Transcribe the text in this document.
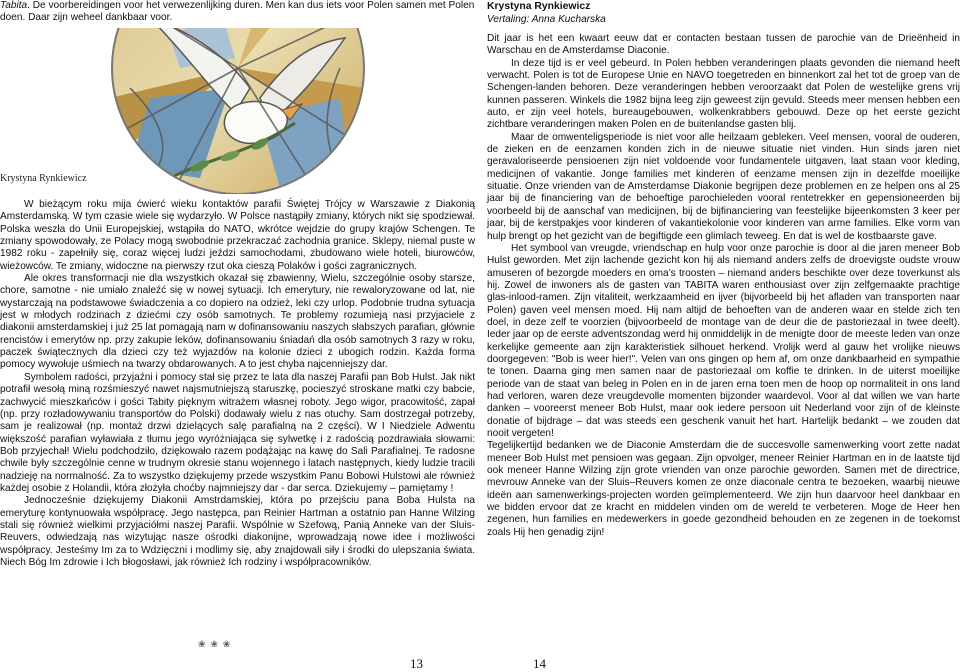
Tabita. De voorbereidingen voor het verwezenlijking duren. Men kan dus iets voor Polen samen met Polen doen. Daar zijn weheel dankbaar voor.
Krystyna Rynkiewicz

W bieżącym roku mija ćwierć wieku kontaktów parafii Świętej Trójcy w Warszawie z Diakonią Amsterdamską. W tym czasie wiele się wydarzyło. W Polsce nastąpiły zmiany, których nikt się spodziewał. Polska weszła do Unii Europejskiej, wstąpiła do NATO, wkrótce wejdzie do grupy krajów Schengen. Te zmiany spowodowały, ze Polacy mogą swobodnie przekraczać zachodnia granice. Sklepy, niemal puste w 1982 roku - zapełniły się, coraz więcej ludzi jeździ samochodami, zbudowano wiele hoteli, biurowców, wieżowców. Te zmiany, widoczne na pierwszy rzut oka cieszą Polaków i gości zagranicznych.

Ale okres transformacji nie dla wszystkich okazał się zbawienny, Wielu, szczególnie osoby starsze, chore, samotne - nie umiało znaleźć się w nowej sytuacji. Ich emerytury, nie rewaloryzowane od lat, nie wystarczają na podstawowe świadczenia a co dopiero na odzież, leki czy urlop. Podobnie trudna sytuacja jest w młodych rodzinach z dziećmi czy osób samotnych. Te problemy rozumieją nasi przyjaciele z diakonii amsterdamskiej i już 25 lat pomagają nam w dofinansowaniu naszych słabszych parafian, głównie rencistów i emerytów np. przy zakupie leków, dofinansowaniu śniadań dla osób samotnych 3 razy w roku, paczek świątecznych dla dzieci czy też wyjazdów na kolonie dzieci z ubogich rodzin. Każda forma pomocy wywołuje uśmiech na twarzy obdarowanych. A to jest chyba najcenniejszy dar.

Symbolem radości, przyjaźni i pomocy stał się przez te lata dla naszej Parafii pan Bob Hulst. Jak nikt potrafił wesołą miną rozśmieszyć nawet najsmutniejszą staruszkę, pocieszyć stroskane matki czy babcie, zachwycić mieszkańców i gości Tabity pięknym witrażem własnej roboty. Jego wigor, pracowitość, zapał (np. przy rozładowywaniu transportów do Polski) dodawały wielu z nas otuchy. Sam dostrzegał potrzeby, sam je realizował (np. montaż drzwi dzielących salę parafialną na 2 części). W I Niedziele Adwentu większość parafian wyławiała z tłumu jego wyróżniająca się sylwetkę i z radością pozdrawiała słowami: Bob przyjechał! Wielu podchodziło, dziękowało razem podążając na kawę do Sali Parafialnej. Te radosne chwile były szczególnie cenne w trudnym okresie stanu wojennego i latach następnych, kiedy ludzie tracili nadzieję na normalność. Za to wszystko dziękujemy przede wszystkim Panu Bobowi Hulstowi ale również każdej osobie z Holandii, która złożyła choćby najmniejszy dar - dar serca. Dziekujemy – pamiętamy !

Jednocześnie dziękujemy Diakonii Amstrdamskiej, która po przejściu pana Boba Hulsta na emeryturę kontynuowała współpracę. Jego następca, pan Reinier Hartman a ostatnio pan Hanne Wilzing stali się również wielkimi przyjaciółmi naszej Parafii. Wspólnie w Szefową, Panią Anneke van der Sluis-Reuvers, odwiedzają nas wizytując nasze ośrodki diakonijne, wprowadzają nowe idee i możliwości współpracy. Jesteśmy Im za to Wdzięczni i modlimy się, aby znajdowali siły i środki do ulepszania świata. Niech Bóg Im zdrowie i Ich błogosławi, jak również Ich rodziny i współpracowników.

Krystyna Rynkiewicz
Vertaling: Anna Kucharska

Dit jaar is het een kwaart eeuw dat er contacten bestaan tussen de parochie van de Drieënheid in Warschau en de Amsterdamse Diaconie.

In deze tijd is er veel gebeurd. In Polen hebben veranderingen plaats gevonden die niemand heeft verwacht. Polen is tot de Europese Unie en NAVO toegetreden en binnenkort zal het tot de groep van de Schengen-landen behoren. Deze veranderingen hebben veroorzaakt dat Polen de westelijke grens vrij kunnen passeren. Winkels die 1982 bijna leeg zijn geweest zijn gevuld. Steeds meer mensen hebben een auto, er zijn veel hotels, bureaugebouwen, wolkenkrabbers gebouwd. Deze op het eerste gezicht zichtbare veranderingen maken Polen en de buitenlandse gasten blij.

Maar de omwenteligsperiode is niet voor alle heilzaam gebleken. Veel mensen, vooral de ouderen, de zieken en de eenzamen konden zich in de nieuwe situatie niet vinden. Hun sinds jaren niet geravaloriseerde pensioenen zijn niet voldoende voor fundamentele uitgaven, laat staan voor kleding, medicijnen of vakantie. Jonge families met kinderen of eenzame mensen zijn in dezelfde moeilijke situatie. Onze vrienden van de Amsterdamse Diakonie begrijpen deze problemen en ze helpen ons al 25 jaar bij de financiering van de behoeftige parochieleden vooral rentetrekker en gepensioneerden bij voorbeeld bij de aanschaf van medicijnen, bij de bijfinanciering van feestelijke bijeenkomsten 3 keer per jaar, bij de kerstpakjes voor kinderen of vakantiekolonie voor kinderen van arme families. Elke vorm van hulp brengt op het gezicht van de begiftigde een glimlach teweeg. En dat is wel de kostbaarste gave.

Het symbool van vreugde, vriendschap en hulp voor onze parochie is door al die jaren meneer Bob Hulst geworden. Met zijn lachende gezicht kon hij als niemand anders zelfs de droevigste oudste vrouw amuseren of bezorgde moeders en oma’s troosten – niemand anders beschikte over deze toverkunst als hij. Zowel de inwoners als de gasten van TABITA waren enthousiast over zijn zelfgemaakte prachtige glas-inlood-ramen. Zijn vitaliteit, werkzaamheid en ijver (bijvorbeeld bij het afladen van transporten naar Polen) gaven veel mensen moed. Hij nam altijd de behoeften van de anderen waar en stelde zich ten doel, in deze zelf te voorzien (bijvoorbeeld de montage van de deur die de pastoriezaal in twee deelt). Ieder jaar op de eerste adventszondag werd hij onmiddelijk in de menigte door de meeste leden van onze kerkelijke gemeente aan zijn karakteristiek silhouet herkend. Vrolijk werd al gauw het vrolijke nieuws doorgegeven: "Bob is weer hier!". Velen van ons gingen op hem af, om onze dankbaarheid en sympathie te tonen. Daarna ging men samen naar de pastoriezaal om koffie te drinken. In de uiterst moeilijke periode van de staat van beleg in Polen en in de jaren erna toen men de hoop op normaliteit in ons land had verloren, waren deze vreugdevolle momenten bijzonder waardevol. Voor al dat willen we van harte danken – vooreerst meneer Bob Hulst, maar ook iedere persoon uit Nederland voor zijn of de kleinste donatie of bijdrage – dat was steeds een geschenk vanuit het hart. Hartelijk bedankt – we zouden dat nooit vergeten!

Tegelijkertijd bedanken we de Diaconie Amsterdam die de succesvolle samenwerking voort zette nadat meneer Bob Hulst met pensioen was gegaan. Zijn opvolger, meneer Reinier Hartman en in de laatste tijd ook meneer Hanne Wilzing zijn grote vrienden van onze parochie geworden. Samen met de directrice, mevrouw Anneke van der Sluis–Reuvers komen ze onze diaconale centra te bezoeken, waarbij nieuwe ideën aan samenwerkings-projecten worden geïmplementeerd. We zijn hun daarvoor heel dankbaar en we bidden ervoor dat ze kracht en middelen vinden om de wereld te verbeteren. Moge de Heer hen zegenen, hun families en medewerkers in goede gezondheid behouden en ze zegenen in de toekomst zoals Hij hen genadig zijn!

❀ ❀ ❀
13	14
